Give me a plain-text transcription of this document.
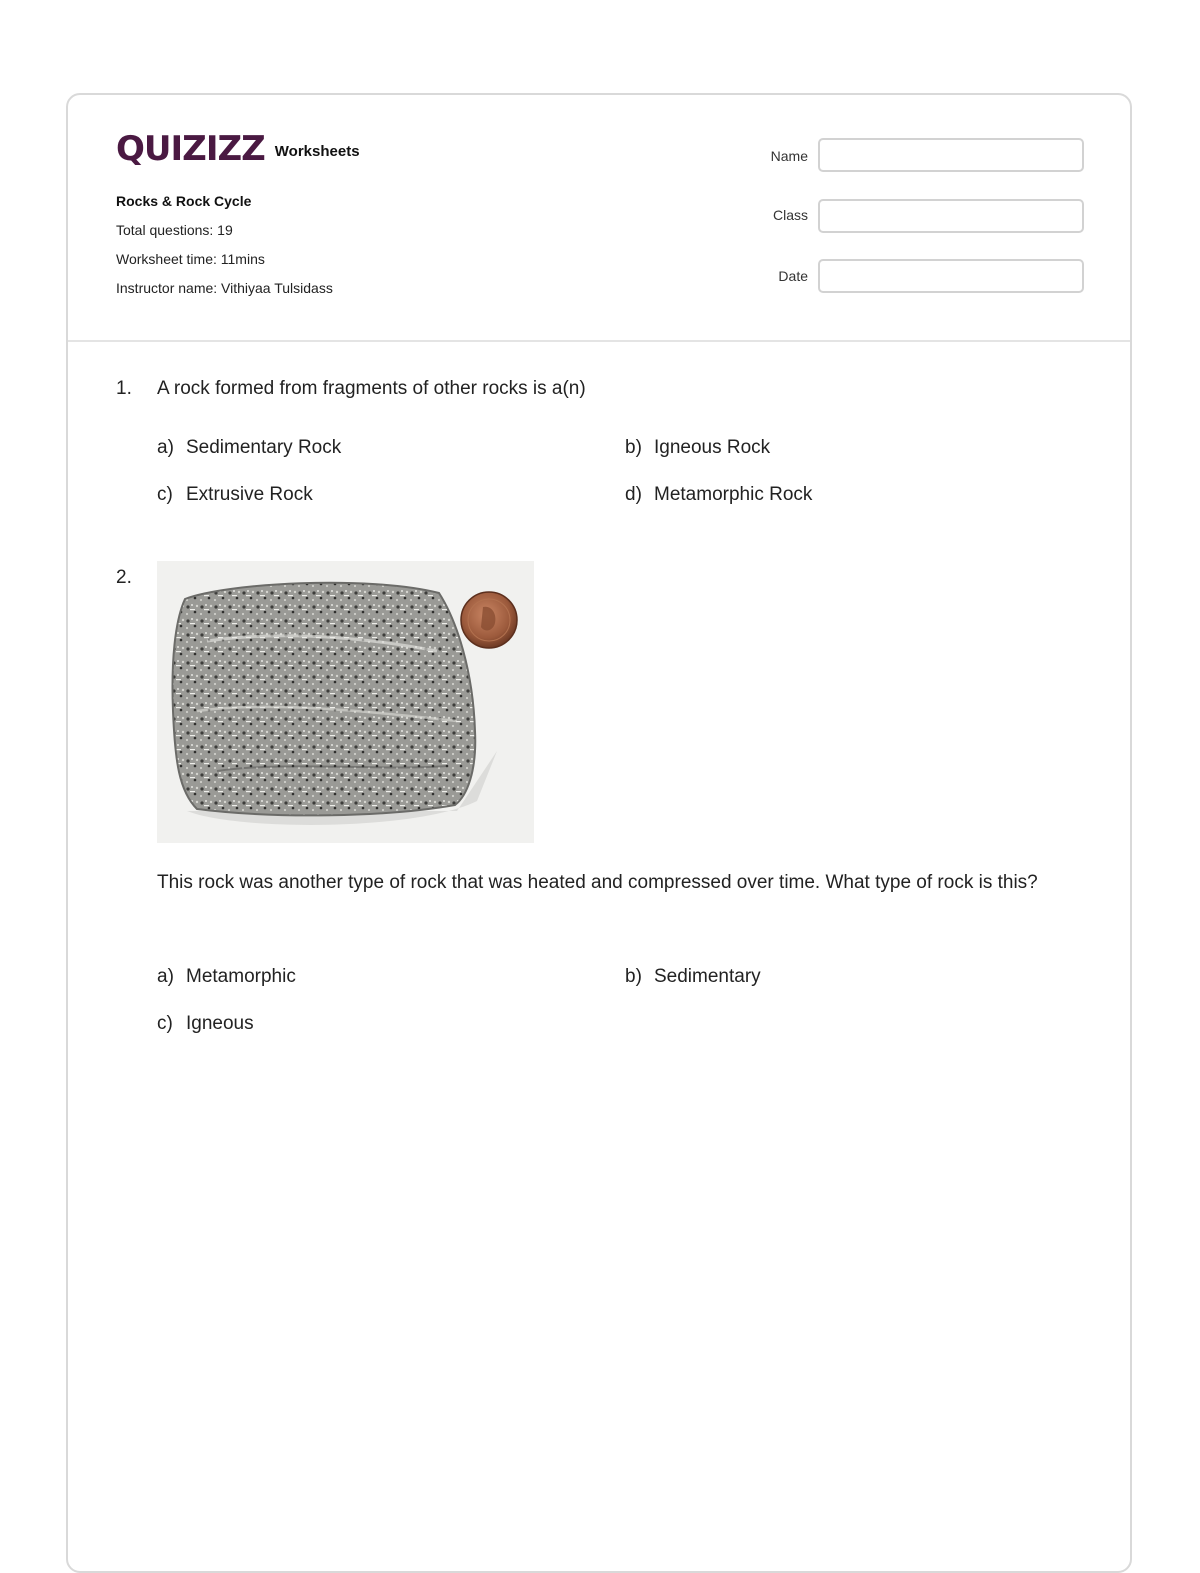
QUIZIZZ Worksheets
Rocks & Rock Cycle
Total questions: 19
Worksheet time: 11mins
Instructor name: Vithiyaa Tulsidass
Name
Class
Date
1. A rock formed from fragments of other rocks is a(n)
a) Sedimentary Rock	b) Igneous Rock
c) Extrusive Rock	d) Metamorphic Rock
2.
This rock was another type of rock that was heated and compressed over time. What type of rock is this?
a) Metamorphic	b) Sedimentary
c) Igneous
